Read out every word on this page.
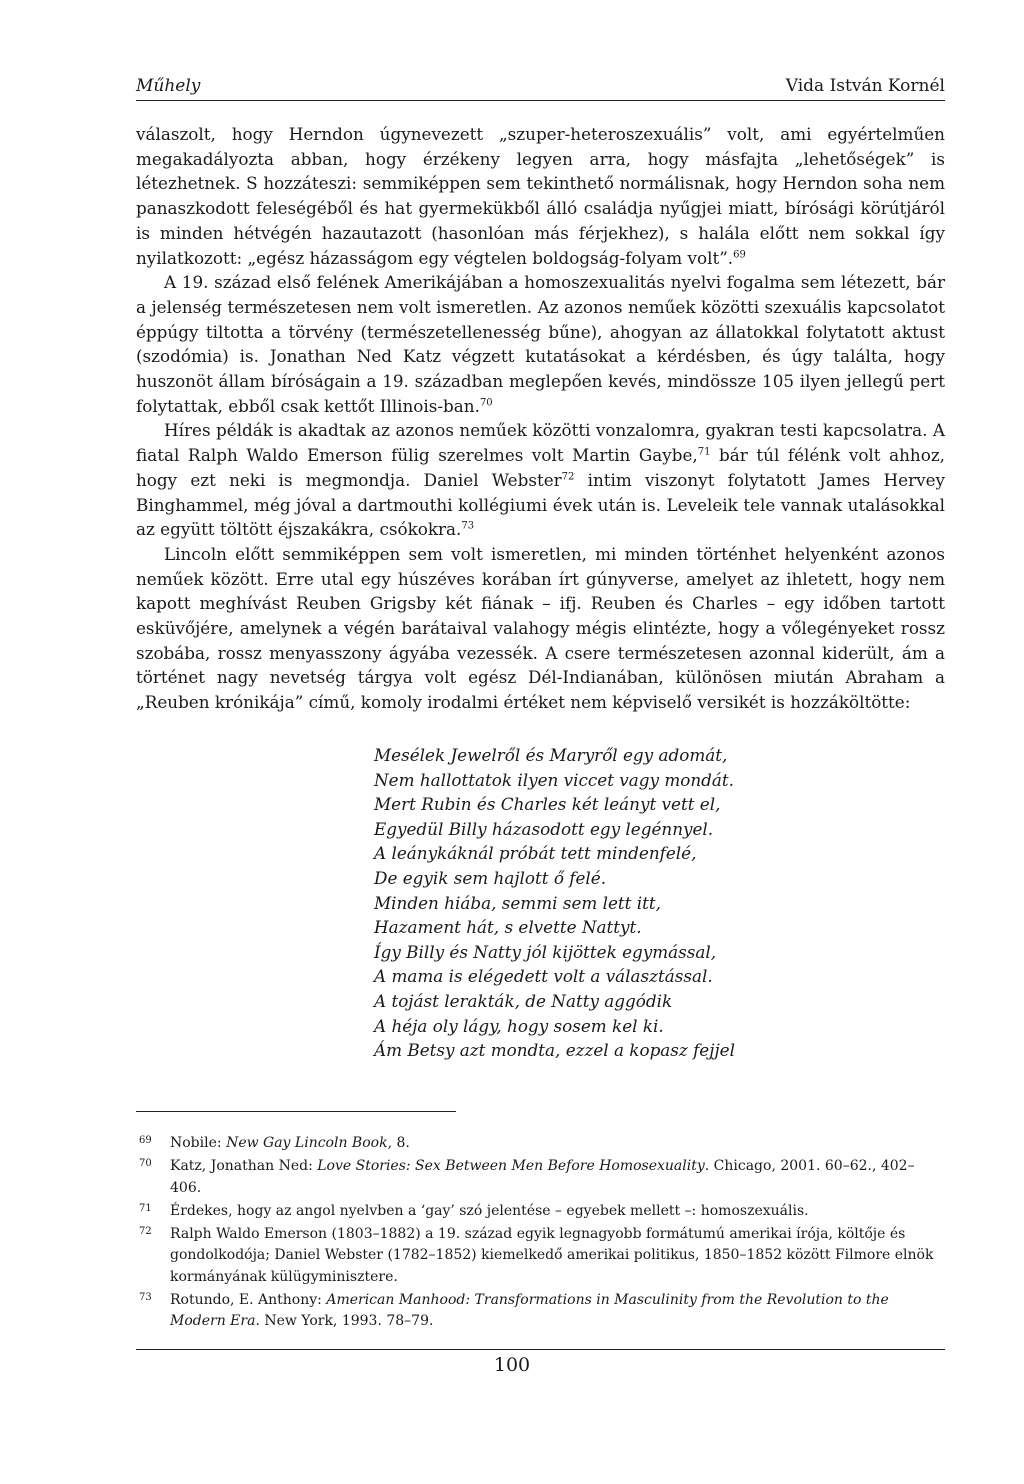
Műhely	Vida István Kornél

válaszolt, hogy Herndon úgynevezett „szuper-heteroszexuális” volt, ami egyértelműen megakadályozta abban, hogy érzékeny legyen arra, hogy másfajta „lehetőségek” is létezhetnek. S hozzáteszi: semmiképpen sem tekinthető normálisnak, hogy Herndon soha nem panaszkodott feleségéből és hat gyermekükből álló családja nyűgjei miatt, bírósági körútjáról is minden hétvégén hazautazott (hasonlóan más férjekhez), s halála előtt nem sokkal így nyilatkozott: „egész házasságom egy végtelen boldogság-folyam volt”.$^{69}$

A 19. század első felének Amerikájában a homoszexualitás nyelvi fogalma sem létezett, bár a jelenség természetesen nem volt ismeretlen. Az azonos neműek közötti szexuális kapcsolatot éppúgy tiltotta a törvény (természetellenesség bűne), ahogyan az állatokkal folytatott aktust (szodómia) is. Jonathan Ned Katz végzett kutatásokat a kérdésben, és úgy találta, hogy huszonöt állam bíróságain a 19. században meglepően kevés, mindössze 105 ilyen jellegű pert folytattak, ebből csak kettőt Illinois-ban.$^{70}$

Híres példák is akadtak az azonos neműek közötti vonzalomra, gyakran testi kapcsolatra. A fiatal Ralph Waldo Emerson fülig szerelmes volt Martin Gaybe,$^{71}$ bár túl félénk volt ahhoz, hogy ezt neki is megmondja. Daniel Webster$^{72}$ intim viszonyt folytatott James Hervey Binghammel, még jóval a dartmouthi kollégiumi évek után is. Leveleik tele vannak utalásokkal az együtt töltött éjszakákra, csókokra.$^{73}$

Lincoln előtt semmiképpen sem volt ismeretlen, mi minden történhet helyenként azonos neműek között. Erre utal egy húszéves korában írt gúnyverse, amelyet az ihletett, hogy nem kapott meghívást Reuben Grigsby két fiának – ifj. Reuben és Charles – egy időben tartott esküvőjére, amelynek a végén barátaival valahogy mégis elintézte, hogy a vőlegényeket rossz szobába, rossz menyasszony ágyába vezessék. A csere természetesen azonnal kiderült, ám a történet nagy nevetség tárgya volt egész Dél-Indianában, különösen miután Abraham a „Reuben krónikája” című, komoly irodalmi értéket nem képviselő versikét is hozzáköltötte:

Mesélek Jewelről és Maryről egy adomát,
Nem hallottatok ilyen viccet vagy mondát.
Mert Rubin és Charles két leányt vett el,
Egyedül Billy házasodott egy legénnyel.
A leánykáknál próbát tett mindenfelé,
De egyik sem hajlott ő felé.
Minden hiába, semmi sem lett itt,
Hazament hát, s elvette Nattyt.
Így Billy és Natty jól kijöttek egymással,
A mama is elégedett volt a választással.
A tojást lerakták, de Natty aggódik
A héja oly lágy, hogy sosem kel ki.
Ám Betsy azt mondta, ezzel a kopasz fejjel
69 Nobile: New Gay Lincoln Book, 8.
70 Katz, Jonathan Ned: Love Stories: Sex Between Men Before Homosexuality. Chicago, 2001. 60–62., 402–406.
71 Érdekes, hogy az angol nyelvben a ‘gay’ szó jelentése – egyebek mellett –: homoszexuális.
72 Ralph Waldo Emerson (1803–1882) a 19. század egyik legnagyobb formátumú amerikai írója, költője és gondolkodója; Daniel Webster (1782–1852) kiemelkedő amerikai politikus, 1850–1852 között Filmore elnök kormányának külügyminisztere.
73 Rotundo, E. Anthony: American Manhood: Transformations in Masculinity from the Revolution to the Modern Era. New York, 1993. 78–79.
100
